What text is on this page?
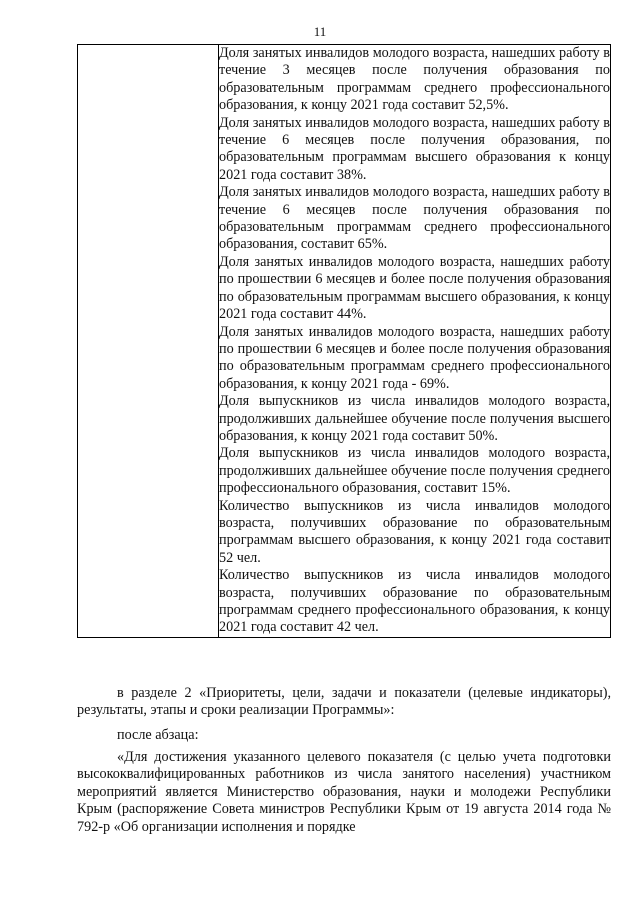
11

Доля занятых инвалидов молодого возраста, нашедших работу в течение 3 месяцев после получения образования по образовательным программам среднего профессионального образования, к концу 2021 года составит 52,5%.

Доля занятых инвалидов молодого возраста, нашедших работу в течение 6 месяцев после получения образования, по образовательным программам высшего образования к концу 2021 года составит 38%.

Доля занятых инвалидов молодого возраста, нашедших работу в течение 6 месяцев после получения образования по образовательным программам среднего профессионального образования, составит 65%.

Доля занятых инвалидов молодого возраста, нашедших работу по прошествии 6 месяцев и более после получения образования по образовательным программам высшего образования, к концу 2021 года составит 44%.

Доля занятых инвалидов молодого возраста, нашедших работу по прошествии 6 месяцев и более после получения образования по образовательным программам среднего профессионального образования, к концу 2021 года - 69%.

Доля выпускников из числа инвалидов молодого возраста, продолживших дальнейшее обучение после получения высшего образования, к концу 2021 года составит 50%.

Доля выпускников из числа инвалидов молодого возраста, продолживших дальнейшее обучение после получения среднего профессионального образования, составит 15%.

Количество выпускников из числа инвалидов молодого возраста, получивших образование по образовательным программам высшего образования, к концу 2021 года составит 52 чел.

Количество выпускников из числа инвалидов молодого возраста, получивших образование по образовательным программам среднего профессионального образования, к концу 2021 года составит 42 чел.

в разделе 2 «Приоритеты, цели, задачи и показатели (целевые индикаторы), результаты, этапы и сроки реализации Программы»:

после абзаца:

«Для достижения указанного целевого показателя (с целью учета подготовки высококвалифицированных работников из числа занятого населения) участником мероприятий является Министерство образования, науки и молодежи Республики Крым (распоряжение Совета министров Республики Крым от 19 августа 2014 года № 792-р «Об организации исполнения и порядке
